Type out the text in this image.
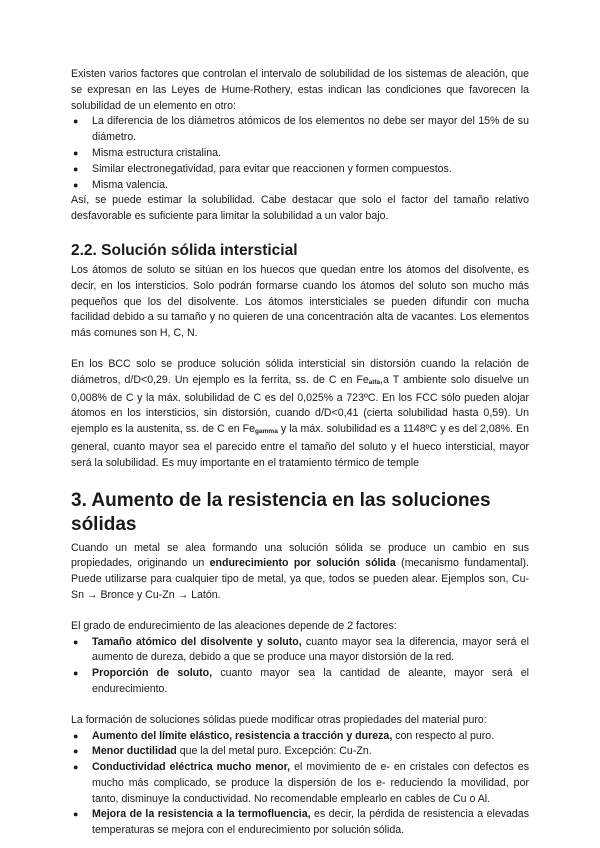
Existen varios factores que controlan el intervalo de solubilidad de los sistemas de aleación, que se expresan en las Leyes de Hume-Rothery, estas indican las condiciones que favorecen la solubilidad de un elemento en otro:

● La diferencia de los diámetros atómicos de los elementos no debe ser mayor del 15% de su diámetro.
● Misma estructura cristalina.
● Similar electronegatividad, para evitar que reaccionen y formen compuestos.
● Misma valencia.

Así, se puede estimar la solubilidad. Cabe destacar que solo el factor del tamaño relativo desfavorable es suficiente para limitar la solubilidad a un valor bajo.

2.2. Solución sólida intersticial

Los átomos de soluto se sitúan en los huecos que quedan entre los átomos del disolvente, es decir, en los intersticios. Solo podrán formarse cuando los átomos del soluto son mucho más pequeños que los del disolvente. Los átomos intersticiales se pueden difundir con mucha facilidad debido a su tamaño y no quieren de una concentración alta de vacantes. Los elementos más comunes son H, C, N.

En los BCC solo se produce solución sólida intersticial sin distorsión cuando la relación de diámetros, d/D<0,29. Un ejemplo es la ferrita, ss. de C en $Fe_{alfa},a$ T ambiente solo disuelve un 0,008% de C y la máx. solubilidad de C es del 0,025% a 723ºC. En los FCC sólo pueden alojar átomos en los intersticios, sin distorsión, cuando d/D<0,41 (cierta solubilidad hasta 0,59). Un ejemplo es la austenita, ss. de C en $Fe_{gamma}$ y la máx. solubilidad es a 1148ºC y es del 2,08%. En general, cuanto mayor sea el parecido entre el tamaño del soluto y el hueco intersticial, mayor será la solubilidad. Es muy importante en el tratamiento térmico de temple

3. Aumento de la resistencia en las soluciones sólidas

Cuando un metal se alea formando una solución sólida se produce un cambio en sus propiedades, originando un endurecimiento por solución sólida (mecanismo fundamental). Puede utilizarse para cualquier tipo de metal, ya que, todos se pueden alear. Ejemplos son, Cu-Sn → Bronce y Cu-Zn → Latón.

El grado de endurecimiento de las aleaciones depende de 2 factores:

● Tamaño atómico del disolvente y soluto, cuanto mayor sea la diferencia, mayor será el aumento de dureza, debido a que se produce una mayor distorsión de la red.
● Proporción de soluto, cuanto mayor sea la cantidad de aleante, mayor será el endurecimiento.

La formación de soluciones sólidas puede modificar otras propiedades del material puro:

● Aumento del límite elástico, resistencia a tracción y dureza, con respecto al puro.
● Menor ductilidad que la del metal puro. Excepción: Cu-Zn.
● Conductividad eléctrica mucho menor, el movimiento de e- en cristales con defectos es mucho más complicado, se produce la dispersión de los e- reduciendo la movilidad, por tanto, disminuye la conductividad. No recomendable emplearlo en cables de Cu o Al.
● Mejora de la resistencia a la termofluencia, es decir, la pérdida de resistencia a elevadas temperaturas se mejora con el endurecimiento por solución sólida.
